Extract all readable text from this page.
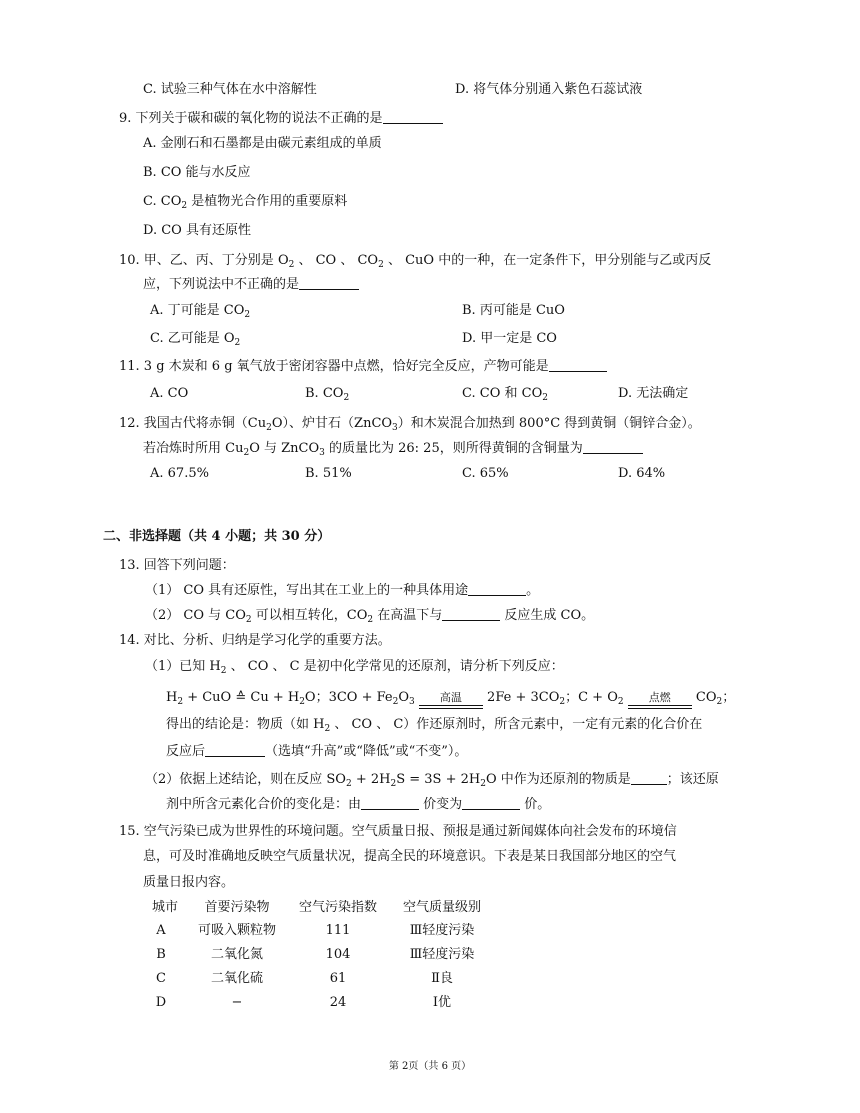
C. 试验三种气体在水中溶解性	D. 将气体分别通入紫色石蕊试液
9. 下列关于碳和碳的氧化物的说法不正确的是
A. 金刚石和石墨都是由碳元素组成的单质
B. CO 能与水反应
C. $CO_2$ 是植物光合作用的重要原料
D. CO 具有还原性
10. 甲、乙、丙、丁分别是 $O_2$ 、 CO 、 $CO_2$ 、 CuO 中的一种，在一定条件下，甲分别能与乙或丙反
应，下列说法中不正确的是
A. 丁可能是 $CO_2$	B. 丙可能是 CuO
C. 乙可能是 $O_2$	D. 甲一定是 CO
11. 3 g 木炭和 6 g 氧气放于密闭容器中点燃，恰好完全反应，产物可能是
A. CO	B. $CO_2$	C. CO 和 $CO_2$	D. 无法确定
12. 我国古代将赤铜$(Cu_2O)$、炉甘石（ZnCO$_3$）和木炭混合加热到 800°C 得到黄铜（铜锌合金）。
若冶炼时所用 $Cu_2O$ 与 ZnCO$_3$ 的质量比为 26: 25，则所得黄铜的含铜量为
A. 67.5%	B. 51%	C. 65%	D. 64%
二、非选择题（共 4 小题；共 30 分）
13. 回答下列问题：
（1） CO 具有还原性，写出其在工业上的一种具体用途	。
（2） CO 与 $CO_2$ 可以相互转化，$CO_2$ 在高温下与	反应生成 CO。
14. 对比、分析、归纳是学习化学的重要方法。
（1）已知 $H_2$ 、 CO 、 C 是初中化学常见的还原剂，请分析下列反应：
$H_2$ + CuO ≙ $Cu + H_2O$；$3CO + Fe_2O_3$	高温	$2Fe + 3CO_2$；$C + O_2$	点燃	$CO_2$；
得出的结论是：物质（如 $H_2$ 、 CO 、 C）作还原剂时，所含元素中，一定有元素的化合价在
反应后	（选填“升高”或“降低”或“不变”）。
（2）依据上述结论，则在反应 $SO_2 + 2H_2S = 3S + 2H_2O$ 中作为还原剂的物质是	；该还原
剂中所含元素化合价的变化是：由	价变为	价。
15. 空气污染已成为世界性的环境问题。空气质量日报、预报是通过新闻媒体向社会发布的环境信
息，可及时准确地反映空气质量状况，提高全民的环境意识。下表是某日我国部分地区的空气
质量日报内容。
城市	首要污染物	空气污染指数	空气质量级别
A	可吸入颗粒物	111	Ⅲ轻度污染
B	二氧化氮	104	Ⅲ轻度污染
C	二氧化硫	61	Ⅱ良
D	−	24	Ⅰ优
第 2页（共 6 页）
